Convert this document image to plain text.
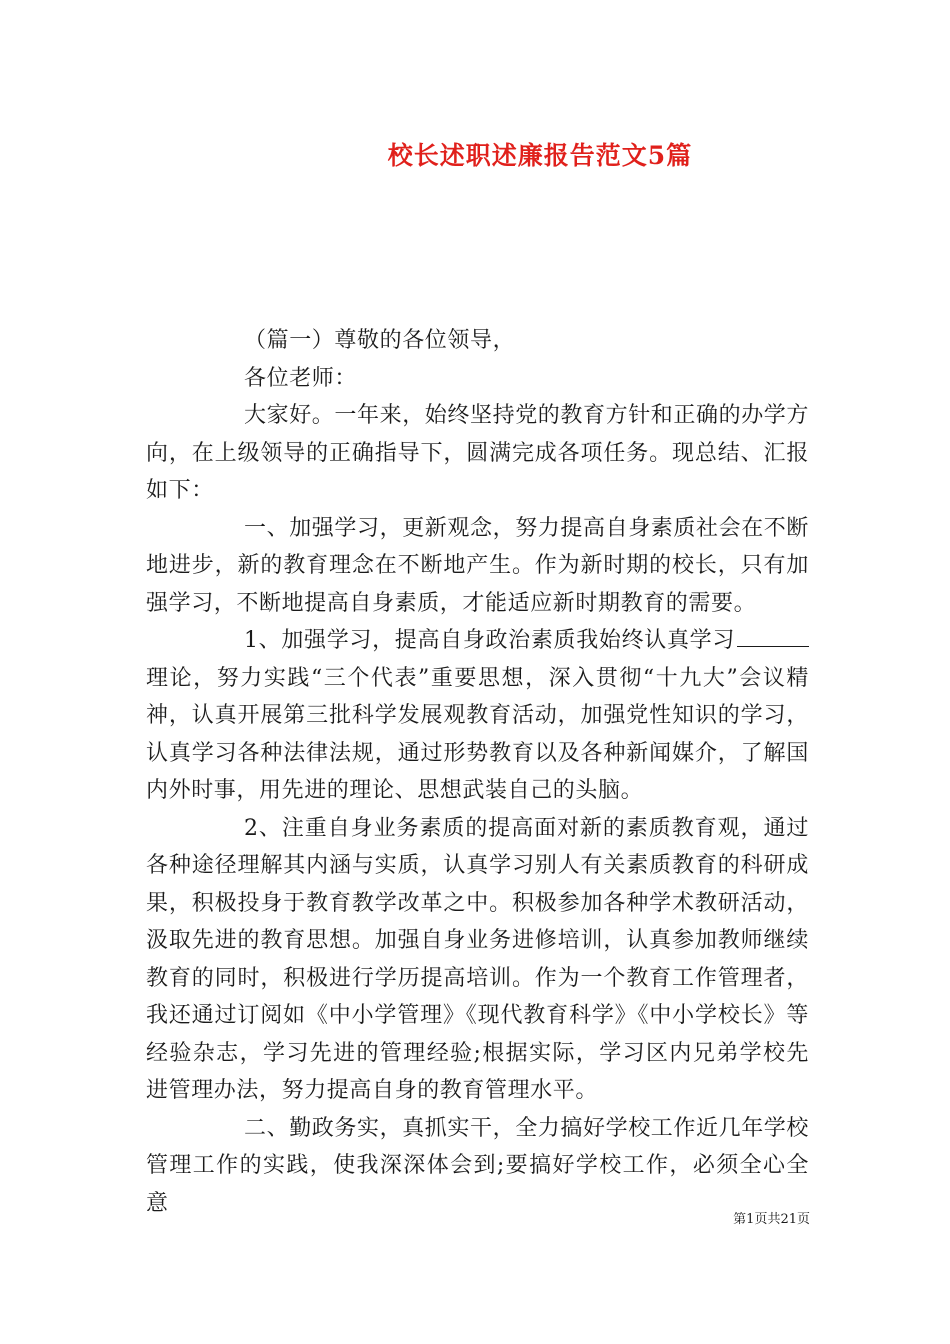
校长述职述廉报告范文5篇

（篇一）尊敬的各位领导，

各位老师：

大家好。一年来，始终坚持党的教育方针和正确的办学方向，在上级领导的正确指导下，圆满完成各项任务。现总结、汇报如下：

一、加强学习，更新观念，努力提高自身素质社会在不断地进步，新的教育理念在不断地产生。作为新时期的校长，只有加强学习，不断地提高自身素质，才能适应新时期教育的需要。

1、加强学习，提高自身政治素质我始终认真学习理论，努力实践“三个代表”重要思想，深入贯彻“十九大”会议精神，认真开展第三批科学发展观教育活动，加强党性知识的学习，认真学习各种法律法规，通过形势教育以及各种新闻媒介，了解国内外时事，用先进的理论、思想武装自己的头脑。

2、注重自身业务素质的提高面对新的素质教育观，通过各种途径理解其内涵与实质，认真学习别人有关素质教育的科研成果，积极投身于教育教学改革之中。积极参加各种学术教研活动，汲取先进的教育思想。加强自身业务进修培训，认真参加教师继续教育的同时，积极进行学历提高培训。作为一个教育工作管理者，我还通过订阅如《中小学管理》《现代教育科学》《中小学校长》等经验杂志，学习先进的管理经验;根据实际，学习区内兄弟学校先进管理办法，努力提高自身的教育管理水平。

二、勤政务实，真抓实干，全力搞好学校工作近几年学校管理工作的实践，使我深深体会到;要搞好学校工作，必须全心全意

第1页共21页
